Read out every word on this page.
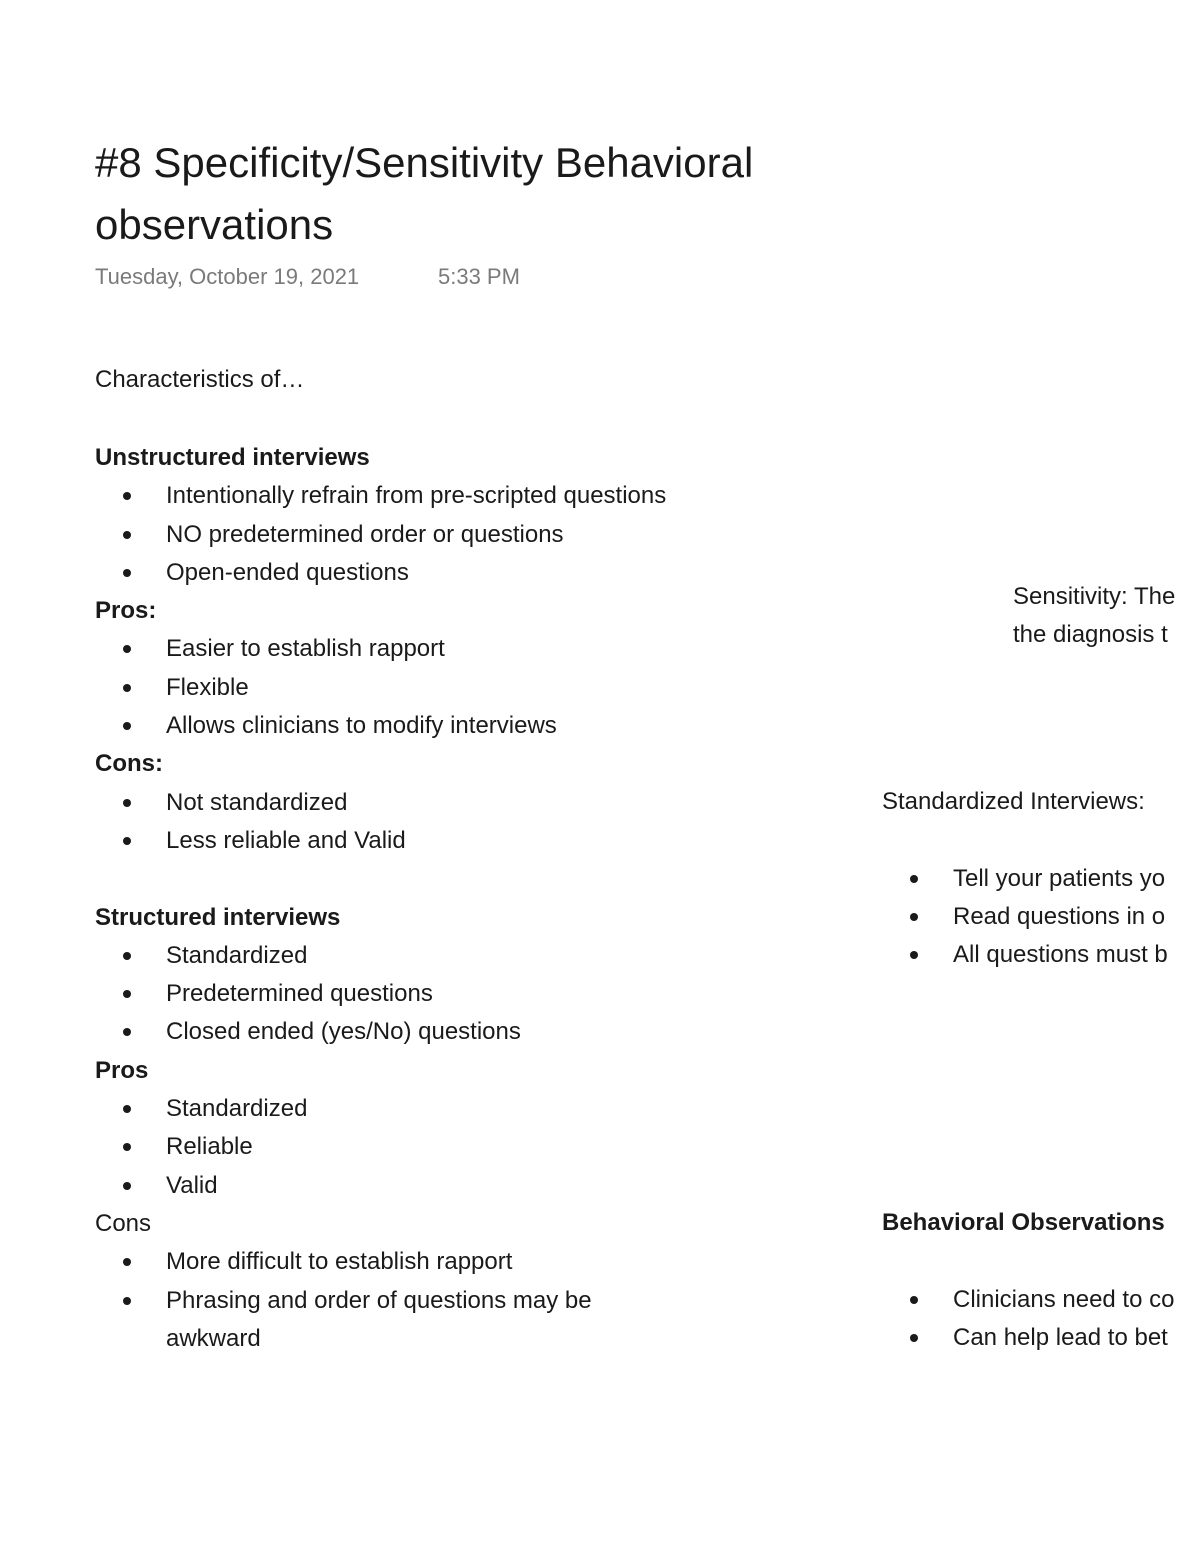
#8 Specificity/Sensitivity Behavioral observations
Tuesday, October 19, 2021	5:33 PM
Characteristics of…
Unstructured interviews
Intentionally refrain from pre-scripted questions
NO predetermined order or questions
Open-ended questions
Pros:
Easier to establish rapport
Flexible
Allows clinicians to modify interviews
Cons:
Not standardized
Less reliable and Valid
Structured interviews
Standardized
Predetermined questions
Closed ended (yes/No) questions
Pros
Standardized
Reliable
Valid
Cons
More difficult to establish rapport
Phrasing and order of questions may be awkward
Sensitivity: The
the diagnosis t
Standardized Interviews:
Tell your patients yo
Read questions in o
All questions must b
Behavioral Observations
Clinicians need to co
Can help lead to bet
